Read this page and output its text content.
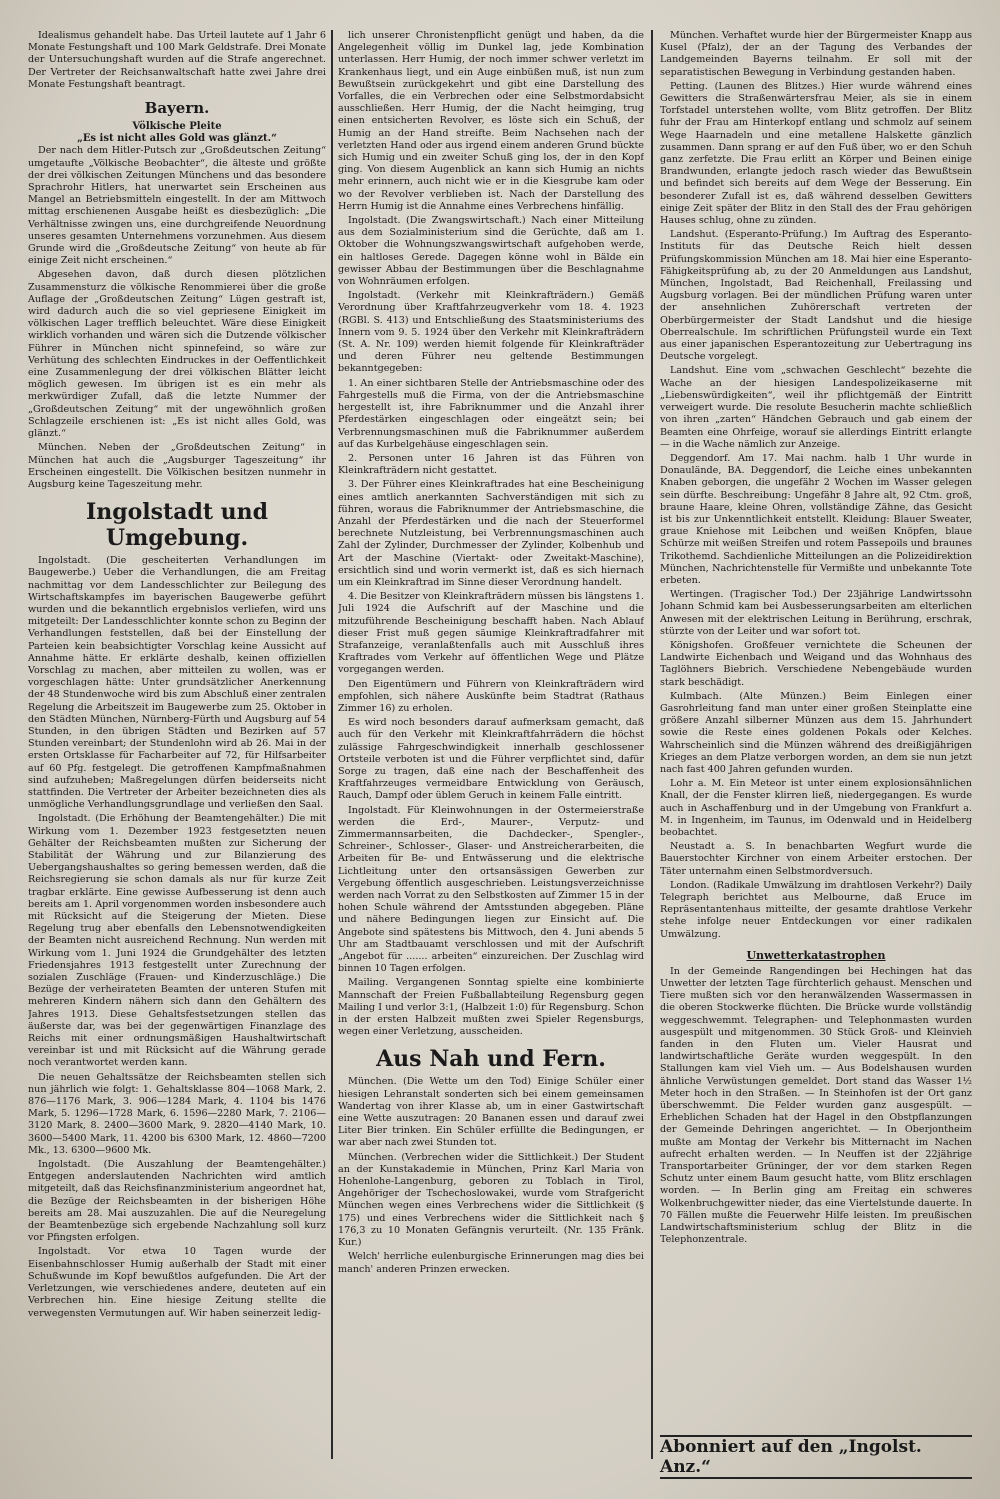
Idealismus gehandelt habe. Das Urteil lautete auf 1 Jahr 6 Monate Festungshaft und 100 Mark Geldstrafe. Drei Monate der Untersuchungshaft wurden auf die Strafe angerechnet. Der Vertreter der Reichsanwaltschaft hatte zwei Jahre drei Monate Festungshaft beantragt.

Bayern.
Völkische Pleite
„Es ist nicht alles Gold was glänzt.“

Der nach dem Hitler-Putsch zur „Großdeutschen Zeitung“ umgetaufte „Völkische Beobachter“, die älteste und größte der drei völkischen Zeitungen Münchens und das besondere Sprachrohr Hitlers, hat unerwartet sein Erscheinen aus Mangel an Betriebsmitteln eingestellt. In der am Mittwoch mittag erschienenen Ausgabe heißt es diesbezüglich: „Die Verhältnisse zwingen uns, eine durchgreifende Neuordnung unseres gesamten Unternehmens vorzunehmen. Aus diesem Grunde wird die „Großdeutsche Zeitung“ von heute ab für einige Zeit nicht erscheinen.“

Abgesehen davon, daß durch diesen plötzlichen Zusammensturz die völkische Renommierei über die große Auflage der „Großdeutschen Zeitung“ Lügen gestraft ist, wird dadurch auch die so viel gepriesene Einigkeit im völkischen Lager trefflich beleuchtet. Wäre diese Einigkeit wirklich vorhanden und wären sich die Dutzende völkischer Führer in München nicht spinnefeind, so wäre zur Verhütung des schlechten Eindruckes in der Oeffentlichkeit eine Zusammenlegung der drei völkischen Blätter leicht möglich gewesen. Im übrigen ist es ein mehr als merkwürdiger Zufall, daß die letzte Nummer der „Großdeutschen Zeitung“ mit der ungewöhnlich großen Schlagzeile erschienen ist: „Es ist nicht alles Gold, was glänzt.“

München. Neben der „Großdeutschen Zeitung“ in München hat auch die „Augsburger Tageszeitung“ ihr Erscheinen eingestellt. Die Völkischen besitzen nunmehr in Augsburg keine Tageszeitung mehr.

Ingolstadt und Umgebung.

Ingolstadt. (Die gescheiterten Verhandlungen im Baugewerbe.) Ueber die Verhandlungen, die am Freitag nachmittag vor dem Landesschlichter zur Beilegung des Wirtschaftskampfes im bayerischen Baugewerbe geführt wurden und die bekanntlich ergebnislos verliefen, wird uns mitgeteilt: Der Landesschlichter konnte schon zu Beginn der Verhandlungen feststellen, daß bei der Einstellung der Parteien kein beabsichtigter Vorschlag keine Aussicht auf Annahme hätte. Er erklärte deshalb, keinen offiziellen Vorschlag zu machen, aber mitteilen zu wollen, was er vorgeschlagen hätte: Unter grundsätzlicher Anerkennung der 48 Stundenwoche wird bis zum Abschluß einer zentralen Regelung die Arbeitszeit im Baugewerbe zum 25. Oktober in den Städten München, Nürnberg-Fürth und Augsburg auf 54 Stunden, in den übrigen Städten und Bezirken auf 57 Stunden vereinbart; der Stundenlohn wird ab 26. Mai in der ersten Ortsklasse für Facharbeiter auf 72, für Hilfsarbeiter auf 60 Pfg. festgelegt. Die getroffenen Kampfmaßnahmen sind aufzuheben; Maßregelungen dürfen beiderseits nicht stattfinden. Die Vertreter der Arbeiter bezeichneten dies als unmögliche Verhandlungsgrundlage und verließen den Saal.

Ingolstadt. (Die Erhöhung der Beamtengehälter.) Die mit Wirkung vom 1. Dezember 1923 festgesetzten neuen Gehälter der Reichsbeamten mußten zur Sicherung der Stabilität der Währung und zur Bilanzierung des Uebergangshaushaltes so gering bemessen werden, daß die Reichsregierung sie schon damals als nur für kurze Zeit tragbar erklärte. Eine gewisse Aufbesserung ist denn auch bereits am 1. April vorgenommen worden insbesondere auch mit Rücksicht auf die Steigerung der Mieten. Diese Regelung trug aber ebenfalls den Lebensnotwendigkeiten der Beamten nicht ausreichend Rechnung. Nun werden mit Wirkung vom 1. Juni 1924 die Grundgehälter des letzten Friedensjahres 1913 festgestellt unter Zurechnung der sozialen Zuschläge (Frauen- und Kinderzuschläge.) Die Bezüge der verheirateten Beamten der unteren Stufen mit mehreren Kindern nähern sich dann den Gehältern des Jahres 1913. Diese Gehaltsfestsetzungen stellen das äußerste dar, was bei der gegenwärtigen Finanzlage des Reichs mit einer ordnungsmäßigen Haushaltwirtschaft vereinbar ist und mit Rücksicht auf die Währung gerade noch verantwortet werden kann.

Die neuen Gehaltssätze der Reichsbeamten stellen sich nun jährlich wie folgt: 1. Gehaltsklasse 804—1068 Mark, 2. 876—1176 Mark, 3. 906—1284 Mark, 4. 1104 bis 1476 Mark, 5. 1296—1728 Mark, 6. 1596—2280 Mark, 7. 2106—3120 Mark, 8. 2400—3600 Mark, 9. 2820—4140 Mark, 10. 3600—5400 Mark, 11. 4200 bis 6300 Mark, 12. 4860—7200 Mk., 13. 6300—9600 Mk.

Ingolstadt. (Die Auszahlung der Beamtengehälter.) Entgegen anderslautenden Nachrichten wird amtlich mitgeteilt, daß das Reichsfinanzministerium angeordnet hat, die Bezüge der Reichsbeamten in der bisherigen Höhe bereits am 28. Mai auszuzahlen. Die auf die Neuregelung der Beamtenbezüge sich ergebende Nachzahlung soll kurz vor Pfingsten erfolgen.

Ingolstadt. Vor etwa 10 Tagen wurde der Eisenbahnschlosser Humig außerhalb der Stadt mit einer Schußwunde im Kopf bewußtlos aufgefunden. Die Art der Verletzungen, wie verschiedenes andere, deuteten auf ein Verbrechen hin. Eine hiesige Zeitung stellte die verwegensten Vermutungen auf. Wir haben seinerzeit ledig-

lich unserer Chronistenpflicht genügt und haben, da die Angelegenheit völlig im Dunkel lag, jede Kombination unterlassen. Herr Humig, der noch immer schwer verletzt im Krankenhaus liegt, und ein Auge einbüßen muß, ist nun zum Bewußtsein zurückgekehrt und gibt eine Darstellung des Vorfalles, die ein Verbrechen oder eine Selbstmordabsicht ausschließen. Herr Humig, der die Nacht heimging, trug einen entsicherten Revolver, es löste sich ein Schuß, der Humig an der Hand streifte. Beim Nachsehen nach der verletzten Hand oder aus irgend einem anderen Grund bückte sich Humig und ein zweiter Schuß ging los, der in den Kopf ging. Von diesem Augenblick an kann sich Humig an nichts mehr erinnern, auch nicht wie er in die Kiesgrube kam oder wo der Revolver verblieben ist. Nach der Darstellung des Herrn Humig ist die Annahme eines Verbrechens hinfällig.

Ingolstadt. (Die Zwangswirtschaft.) Nach einer Mitteilung aus dem Sozialministerium sind die Gerüchte, daß am 1. Oktober die Wohnungszwangswirtschaft aufgehoben werde, ein haltloses Gerede. Dagegen könne wohl in Bälde ein gewisser Abbau der Bestimmungen über die Beschlagnahme von Wohnräumen erfolgen.

Ingolstadt. (Verkehr mit Kleinkrafträdern.) Gemäß Verordnung über Kraftfahrzeugverkehr vom 18. 4. 1923 (RGBl. S. 413) und Entschließung des Staatsministeriums des Innern vom 9. 5. 1924 über den Verkehr mit Kleinkrafträdern (St. A. Nr. 109) werden hiemit folgende für Kleinkrafträder und deren Führer neu geltende Bestimmungen bekanntgegeben:

1. An einer sichtbaren Stelle der Antriebsmaschine oder des Fahrgestells muß die Firma, von der die Antriebsmaschine hergestellt ist, ihre Fabriknummer und die Anzahl ihrer Pferdestärken eingeschlagen oder eingeätzt sein; bei Verbrennungsmaschinen muß die Fabriknummer außerdem auf das Kurbelgehäuse eingeschlagen sein.

2. Personen unter 16 Jahren ist das Führen von Kleinkrafträdern nicht gestattet.

3. Der Führer eines Kleinkraftrades hat eine Bescheinigung eines amtlich anerkannten Sachverständigen mit sich zu führen, woraus die Fabriknummer der Antriebsmaschine, die Anzahl der Pferdestärken und die nach der Steuerformel berechnete Nutzleistung, bei Verbrennungsmaschinen auch Zahl der Zylinder, Durchmesser der Zylinder, Kolbenhub und Art der Maschine (Viertakt- oder Zweitakt-Maschine), ersichtlich sind und worin vermerkt ist, daß es sich hiernach um ein Kleinkraftrad im Sinne dieser Verordnung handelt.

4. Die Besitzer von Kleinkrafträdern müssen bis längstens 1. Juli 1924 die Aufschrift auf der Maschine und die mitzuführende Bescheinigung beschafft haben. Nach Ablauf dieser Frist muß gegen säumige Kleinkraftradfahrer mit Strafanzeige, veranlaßtenfalls auch mit Ausschluß ihres Kraftrades vom Verkehr auf öffentlichen Wege und Plätze vorgegangen werden.

Den Eigentümern und Führern von Kleinkrafträdern wird empfohlen, sich nähere Auskünfte beim Stadtrat (Rathaus Zimmer 16) zu erholen.

Es wird noch besonders darauf aufmerksam gemacht, daß auch für den Verkehr mit Kleinkraftfahrrädern die höchst zulässige Fahrgeschwindigkeit innerhalb geschlossener Ortsteile verboten ist und die Führer verpflichtet sind, dafür Sorge zu tragen, daß eine nach der Beschaffenheit des Kraftfahrzeuges vermeidbare Entwicklung von Geräusch, Rauch, Dampf oder üblem Geruch in keinem Falle eintritt.

Ingolstadt. Für Kleinwohnungen in der Ostermeierstraße werden die Erd-, Maurer-, Verputz- und Zimmermannsarbeiten, die Dachdecker-, Spengler-, Schreiner-, Schlosser-, Glaser- und Anstreicherarbeiten, die Arbeiten für Be- und Entwässerung und die elektrische Lichtleitung unter den ortsansässigen Gewerben zur Vergebung öffentlich ausgeschrieben. Leistungsverzeichnisse werden nach Vorrat zu den Selbstkosten auf Zimmer 15 in der hohen Schule während der Amtsstunden abgegeben. Pläne und nähere Bedingungen liegen zur Einsicht auf. Die Angebote sind spätestens bis Mittwoch, den 4. Juni abends 5 Uhr am Stadtbauamt verschlossen und mit der Aufschrift „Angebot für ....... arbeiten“ einzureichen. Der Zuschlag wird binnen 10 Tagen erfolgen.

Mailing. Vergangenen Sonntag spielte eine kombinierte Mannschaft der Freien Fußballabteilung Regensburg gegen Mailing I und verlor 3:1, (Halbzeit 1:0) für Regensburg. Schon in der ersten Halbzeit mußten zwei Spieler Regensburgs, wegen einer Verletzung, ausscheiden.

Aus Nah und Fern.

München. (Die Wette um den Tod) Einige Schüler einer hiesigen Lehranstalt sonderten sich bei einem gemeinsamen Wandertag von ihrer Klasse ab, um in einer Gastwirtschaft eine Wette auszutragen: 20 Bananen essen und darauf zwei Liter Bier trinken. Ein Schüler erfüllte die Bedingungen, er war aber nach zwei Stunden tot.

München. (Verbrechen wider die Sittlichkeit.) Der Student an der Kunstakademie in München, Prinz Karl Maria von Hohenlohe-Langenburg, geboren zu Toblach in Tirol, Angehöriger der Tschechoslowakei, wurde vom Strafgericht München wegen eines Verbrechens wider die Sittlichkeit (§ 175) und eines Verbrechens wider die Sittlichkeit nach § 176,3 zu 10 Monaten Gefängnis verurteilt. (Nr. 135 Fränk. Kur.)

Welch' herrliche eulenburgische Erinnerungen mag dies bei manch' anderen Prinzen erwecken.

München. Verhaftet wurde hier der Bürgermeister Knapp aus Kusel (Pfalz), der an der Tagung des Verbandes der Landgemeinden Bayerns teilnahm. Er soll mit der separatistischen Bewegung in Verbindung gestanden haben.

Petting. (Launen des Blitzes.) Hier wurde während eines Gewitters die Straßenwärtersfrau Meier, als sie in einem Torfstadel unterstehen wollte, vom Blitz getroffen. Der Blitz fuhr der Frau am Hinterkopf entlang und schmolz auf seinem Wege Haarnadeln und eine metallene Halskette gänzlich zusammen. Dann sprang er auf den Fuß über, wo er den Schuh ganz zerfetzte. Die Frau erlitt an Körper und Beinen einige Brandwunden, erlangte jedoch rasch wieder das Bewußtsein und befindet sich bereits auf dem Wege der Besserung. Ein besonderer Zufall ist es, daß während desselben Gewitters einige Zeit später der Blitz in den Stall des der Frau gehörigen Hauses schlug, ohne zu zünden.

Landshut. (Esperanto-Prüfung.) Im Auftrag des Esperanto-Instituts für das Deutsche Reich hielt dessen Prüfungskommission München am 18. Mai hier eine Esperanto-Fähigkeitsprüfung ab, zu der 20 Anmeldungen aus Landshut, München, Ingolstadt, Bad Reichenhall, Freilassing und Augsburg vorlagen. Bei der mündlichen Prüfung waren unter der ansehnlichen Zuhörerschaft vertreten der Oberbürgermeister der Stadt Landshut und die hiesige Oberrealschule. Im schriftlichen Prüfungsteil wurde ein Text aus einer japanischen Esperantozeitung zur Uebertragung ins Deutsche vorgelegt.

Landshut. Eine vom „schwachen Geschlecht“ bezehte die Wache an der hiesigen Landespolizeikaserne mit „Liebenswürdigkeiten“, weil ihr pflichtgemäß der Eintritt verweigert wurde. Die resolute Besucherin machte schließlich von ihren „zarten“ Händchen Gebrauch und gab einem der Beamten eine Ohrfeige, worauf sie allerdings Eintritt erlangte — in die Wache nämlich zur Anzeige.

Deggendorf. Am 17. Mai nachm. halb 1 Uhr wurde in Donaulände, BA. Deggendorf, die Leiche eines unbekannten Knaben geborgen, die ungefähr 2 Wochen im Wasser gelegen sein dürfte. Beschreibung: Ungefähr 8 Jahre alt, 92 Ctm. groß, braune Haare, kleine Ohren, vollständige Zähne, das Gesicht ist bis zur Unkenntlichkeit entstellt. Kleidung: Blauer Sweater, graue Kniehose mit Leibchen und weißen Knöpfen, blaue Schürze mit weißen Streifen und rotem Passepoils und braunes Trikothemd. Sachdienliche Mitteilungen an die Polizeidirektion München, Nachrichtenstelle für Vermißte und unbekannte Tote erbeten.

Wertingen. (Tragischer Tod.) Der 23jährige Landwirtssohn Johann Schmid kam bei Ausbesserungsarbeiten am elterlichen Anwesen mit der elektrischen Leitung in Berührung, erschrak, stürzte von der Leiter und war sofort tot.

Königshofen. Großfeuer vernichtete die Scheunen der Landwirte Eichenbach und Weigand und das Wohnhaus des Taglöhners Biebrich. Verschiedene Nebengebäude wurden stark beschädigt.

Kulmbach. (Alte Münzen.) Beim Einlegen einer Gasrohrleitung fand man unter einer großen Steinplatte eine größere Anzahl silberner Münzen aus dem 15. Jahrhundert sowie die Reste eines goldenen Pokals oder Kelches. Wahrscheinlich sind die Münzen während des dreißigjährigen Krieges an dem Platze verborgen worden, an dem sie nun jetzt nach fast 400 Jahren gefunden wurden.

Lohr a. M. Ein Meteor ist unter einem explosionsähnlichen Knall, der die Fenster klirren ließ, niedergegangen. Es wurde auch in Aschaffenburg und in der Umgebung von Frankfurt a. M. in Ingenheim, im Taunus, im Odenwald und in Heidelberg beobachtet.

Neustadt a. S. In benachbarten Wegfurt wurde die Bauerstochter Kirchner von einem Arbeiter erstochen. Der Täter unternahm einen Selbstmordversuch.

London. (Radikale Umwälzung im drahtlosen Verkehr?) Daily Telegraph berichtet aus Melbourne, daß Eruce im Repräsentantenhaus mitteilte, der gesamte drahtlose Verkehr stehe infolge neuer Entdeckungen vor einer radikalen Umwälzung.

Unwetterkatastrophen

In der Gemeinde Rangendingen bei Hechingen hat das Unwetter der letzten Tage fürchterlich gehaust. Menschen und Tiere mußten sich vor den heranwälzenden Wassermassen in die oberen Stockwerke flüchten. Die Brücke wurde vollständig weggeschwemmt. Telegraphen- und Telephonmasten wurden ausgespült und mitgenommen. 30 Stück Groß- und Kleinvieh fanden in den Fluten um. Vieler Hausrat und landwirtschaftliche Geräte wurden weggespült. In den Stallungen kam viel Vieh um. — Aus Bodelshausen wurden ähnliche Verwüstungen gemeldet. Dort stand das Wasser 1½ Meter hoch in den Straßen. — In Steinhofen ist der Ort ganz überschwemmt. Die Felder wurden ganz ausgespült. — Erheblichen Schaden hat der Hagel in den Obstpflanzungen der Gemeinde Dehringen angerichtet. — In Oberjontheim mußte am Montag der Verkehr bis Mitternacht im Nachen aufrecht erhalten werden. — In Neuffen ist der 22jährige Transportarbeiter Grüninger, der vor dem starken Regen Schutz unter einem Baum gesucht hatte, vom Blitz erschlagen worden. — In Berlin ging am Freitag ein schweres Wolkenbruchgewitter nieder, das eine Viertelstunde dauerte. In 70 Fällen mußte die Feuerwehr Hilfe leisten. Im preußischen Landwirtschaftsministerium schlug der Blitz in die Telephonzentrale.

Abonniert auf den „Ingolst. Anz.“
